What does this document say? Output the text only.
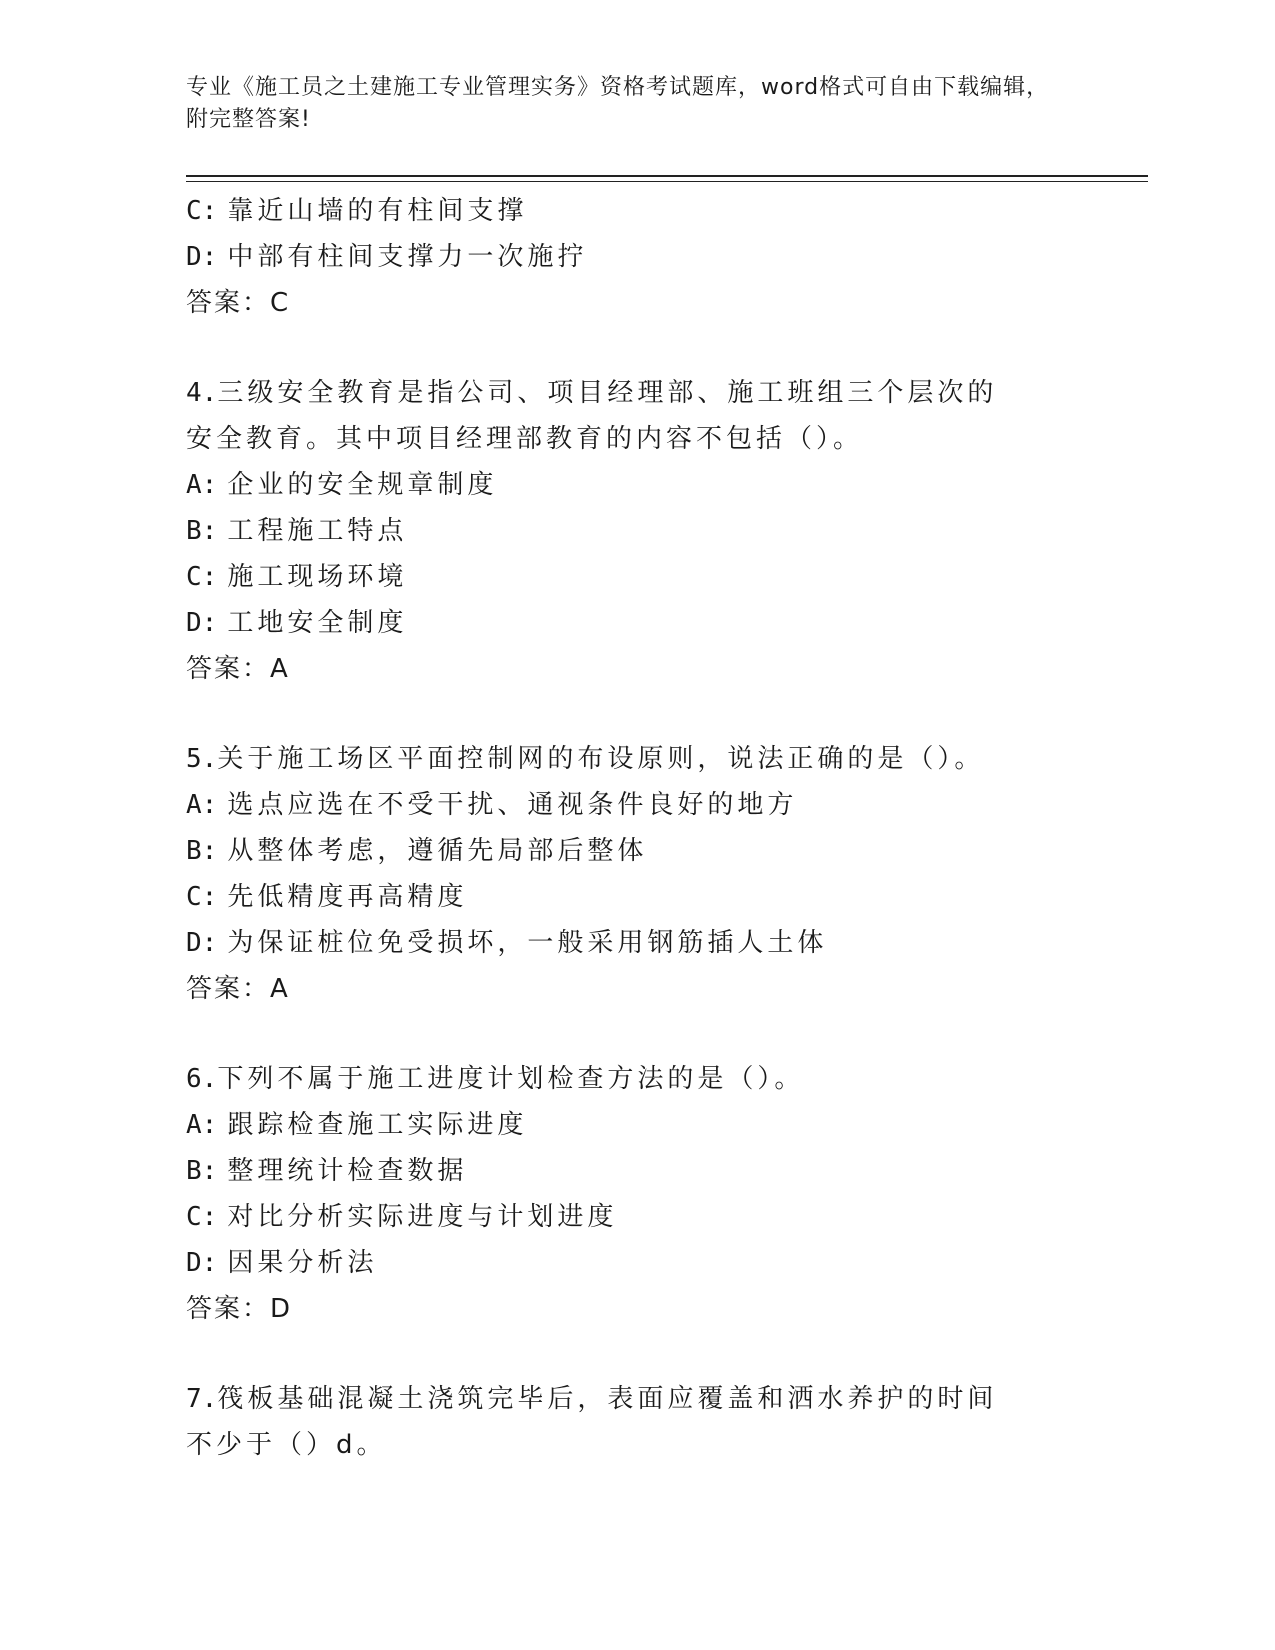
专业《施工员之土建施工专业管理实务》资格考试题库，word格式可自由下载编辑，附完整答案!
C: 靠近山墙的有柱间支撑
D: 中部有柱间支撑力一次施拧
答案：C
4.三级安全教育是指公司、项目经理部、施工班组三个层次的安全教育。其中项目经理部教育的内容不包括（）。
A: 企业的安全规章制度
B: 工程施工特点
C: 施工现场环境
D: 工地安全制度
答案：A
5.关于施工场区平面控制网的布设原则，说法正确的是（）。
A: 选点应选在不受干扰、通视条件良好的地方
B: 从整体考虑，遵循先局部后整体
C: 先低精度再高精度
D: 为保证桩位免受损坏，一般采用钢筋插人土体
答案：A
6.下列不属于施工进度计划检查方法的是（）。
A: 跟踪检查施工实际进度
B: 整理统计检查数据
C: 对比分析实际进度与计划进度
D: 因果分析法
答案：D
7.筏板基础混凝土浇筑完毕后，表面应覆盖和洒水养护的时间不少于（）d。
